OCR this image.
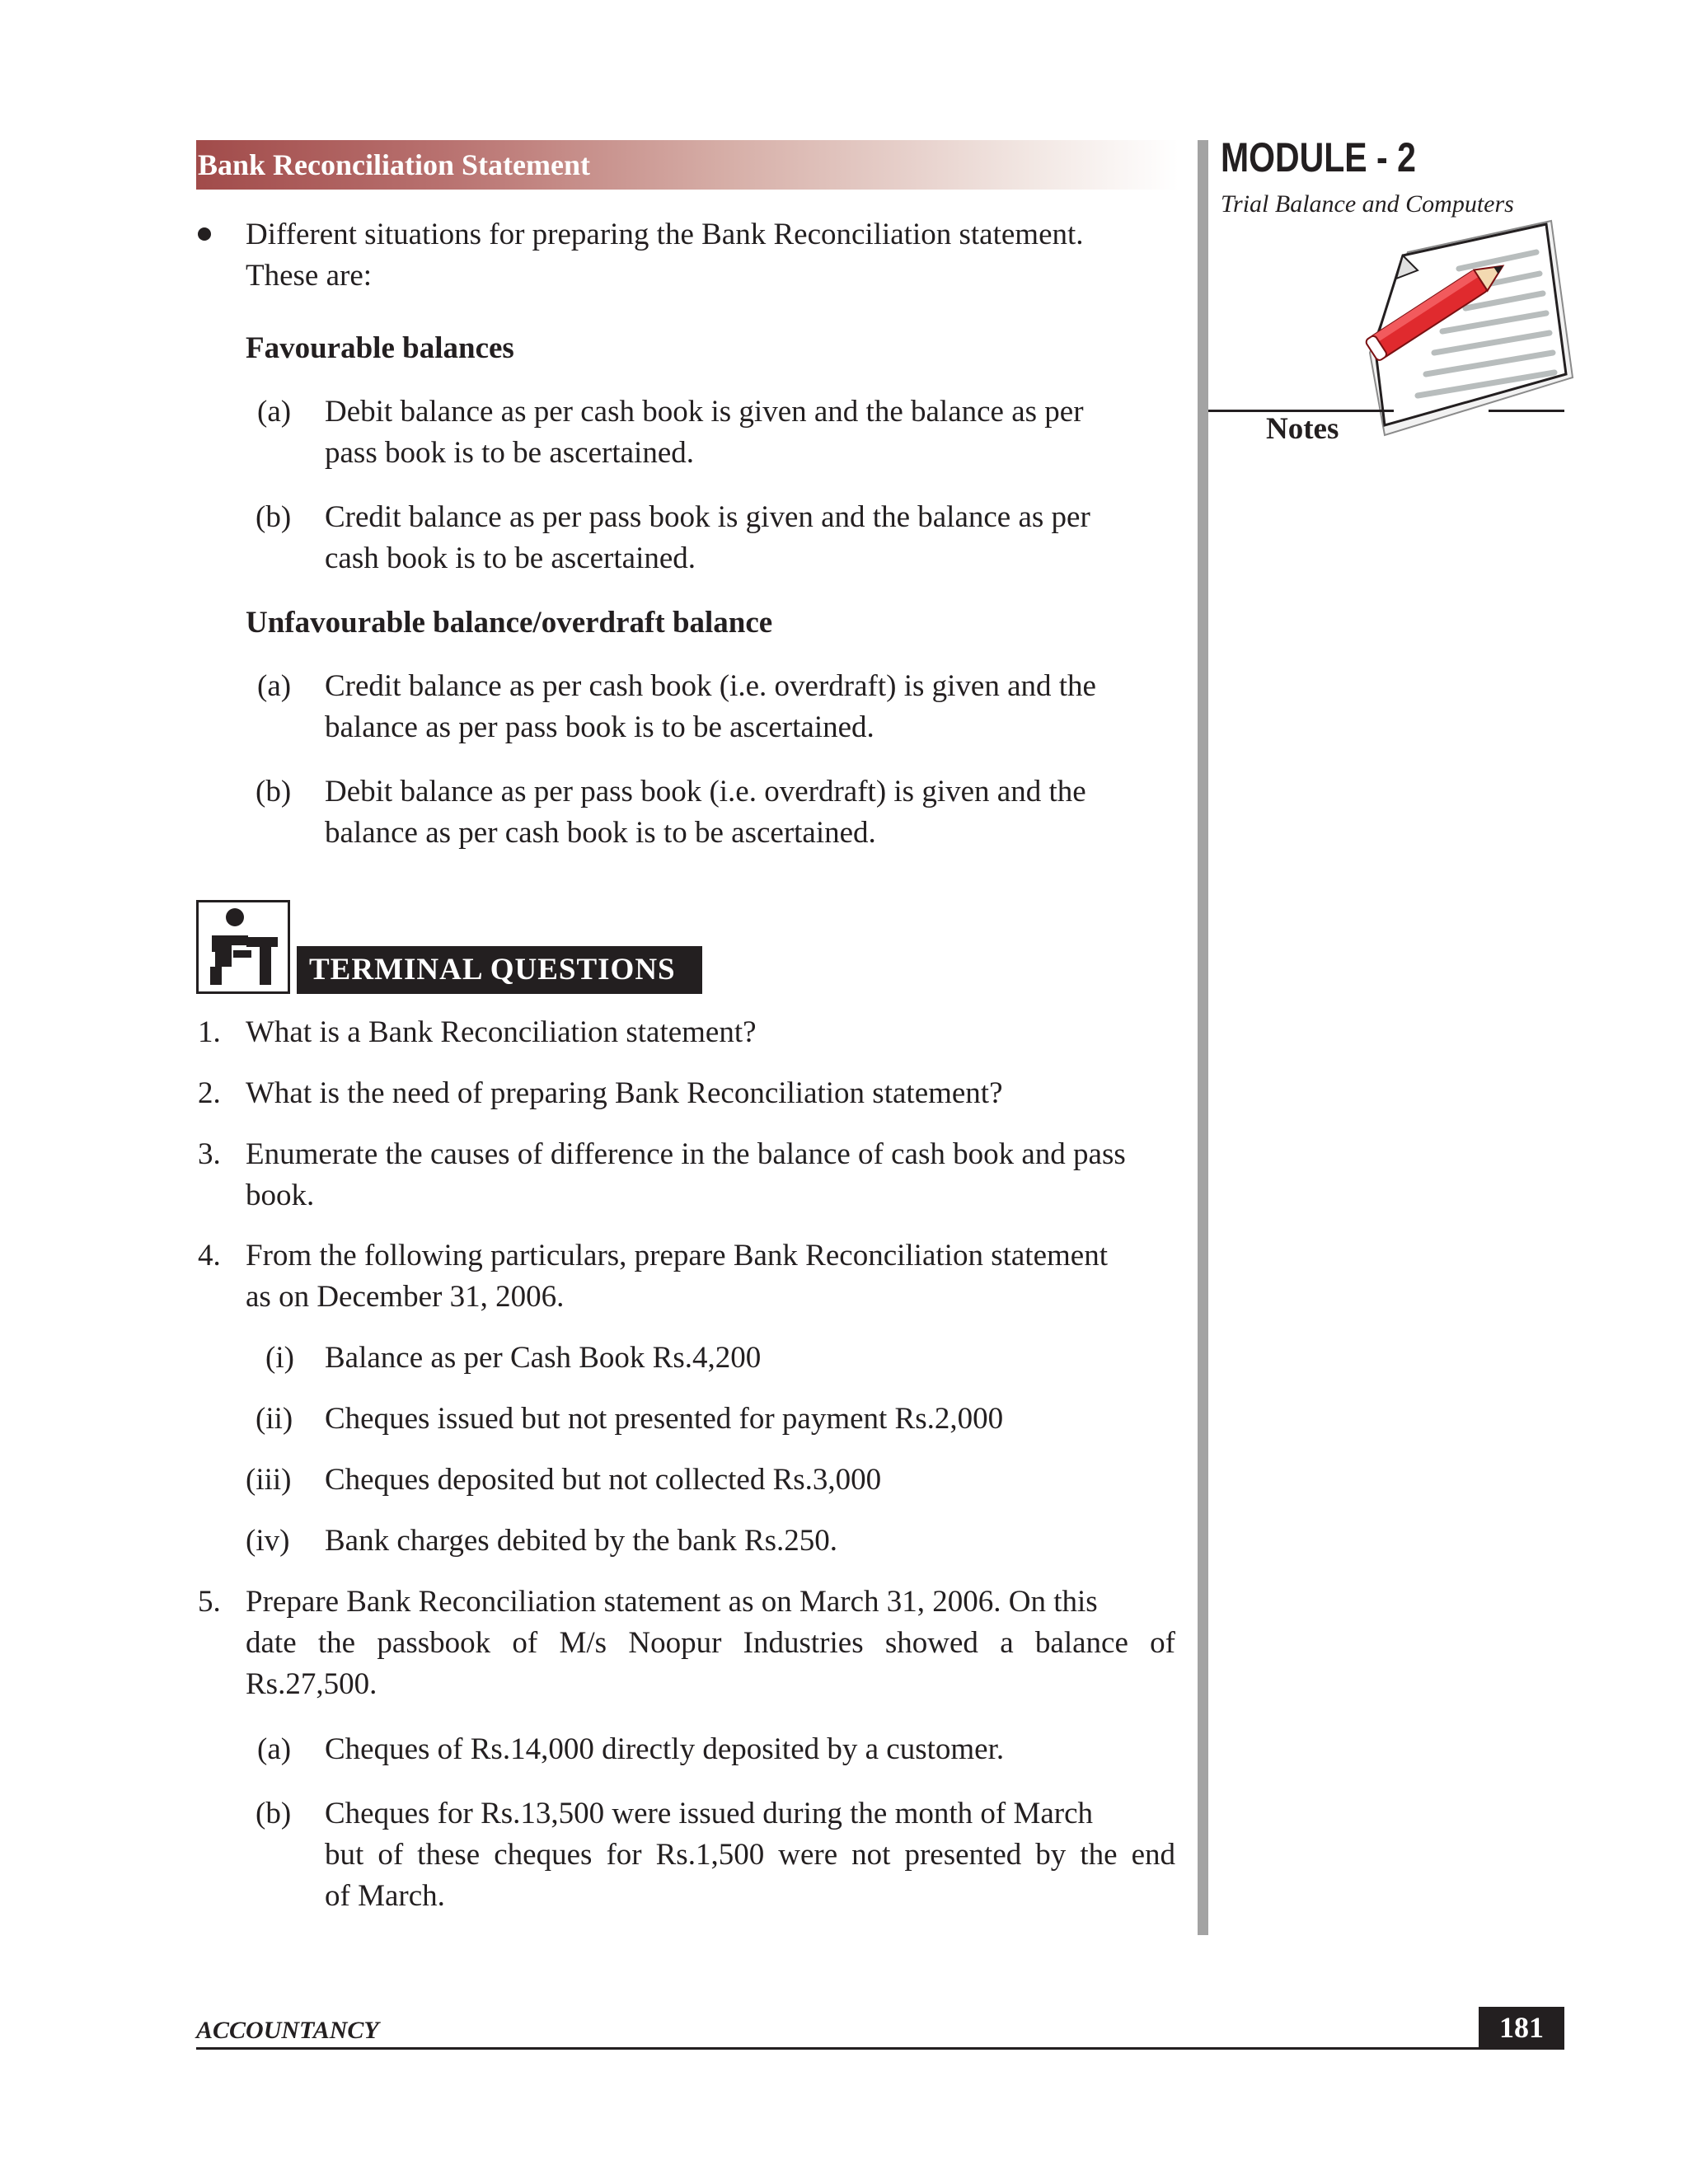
Bank Reconciliation Statement	MODULE - 2
Trial Balance and Computers
Notes
Different situations for preparing the Bank Reconciliation statement.
These are:
Favourable balances
(a) Debit balance as per cash book is given and the balance as per
pass book is to be ascertained.
(b) Credit balance as per pass book is given and the balance as per
cash book is to be ascertained.
Unfavourable balance/overdraft balance
(a) Credit balance as per cash book (i.e. overdraft) is given and the
balance as per pass book is to be ascertained.
(b) Debit balance as per pass book (i.e. overdraft) is given and the
balance as per cash book is to be ascertained.
TERMINAL QUESTIONS
1. What is a Bank Reconciliation statement?
2. What is the need of preparing Bank Reconciliation statement?
3. Enumerate the causes of difference in the balance of cash book and pass
book.
4. From the following particulars, prepare Bank Reconciliation statement
as on December 31, 2006.
(i) Balance as per Cash Book Rs.4,200
(ii) Cheques issued but not presented for payment Rs.2,000
(iii) Cheques deposited but not collected Rs.3,000
(iv) Bank charges debited by the bank Rs.250.
5. Prepare Bank Reconciliation statement as on March 31, 2006. On this
date the passbook of M/s Noopur Industries showed a balance of
Rs.27,500.
(a) Cheques of Rs.14,000 directly deposited by a customer.
(b) Cheques for Rs.13,500 were issued during the month of March
but of these cheques for Rs.1,500 were not presented by the end
of March.
ACCOUNTANCY	181
